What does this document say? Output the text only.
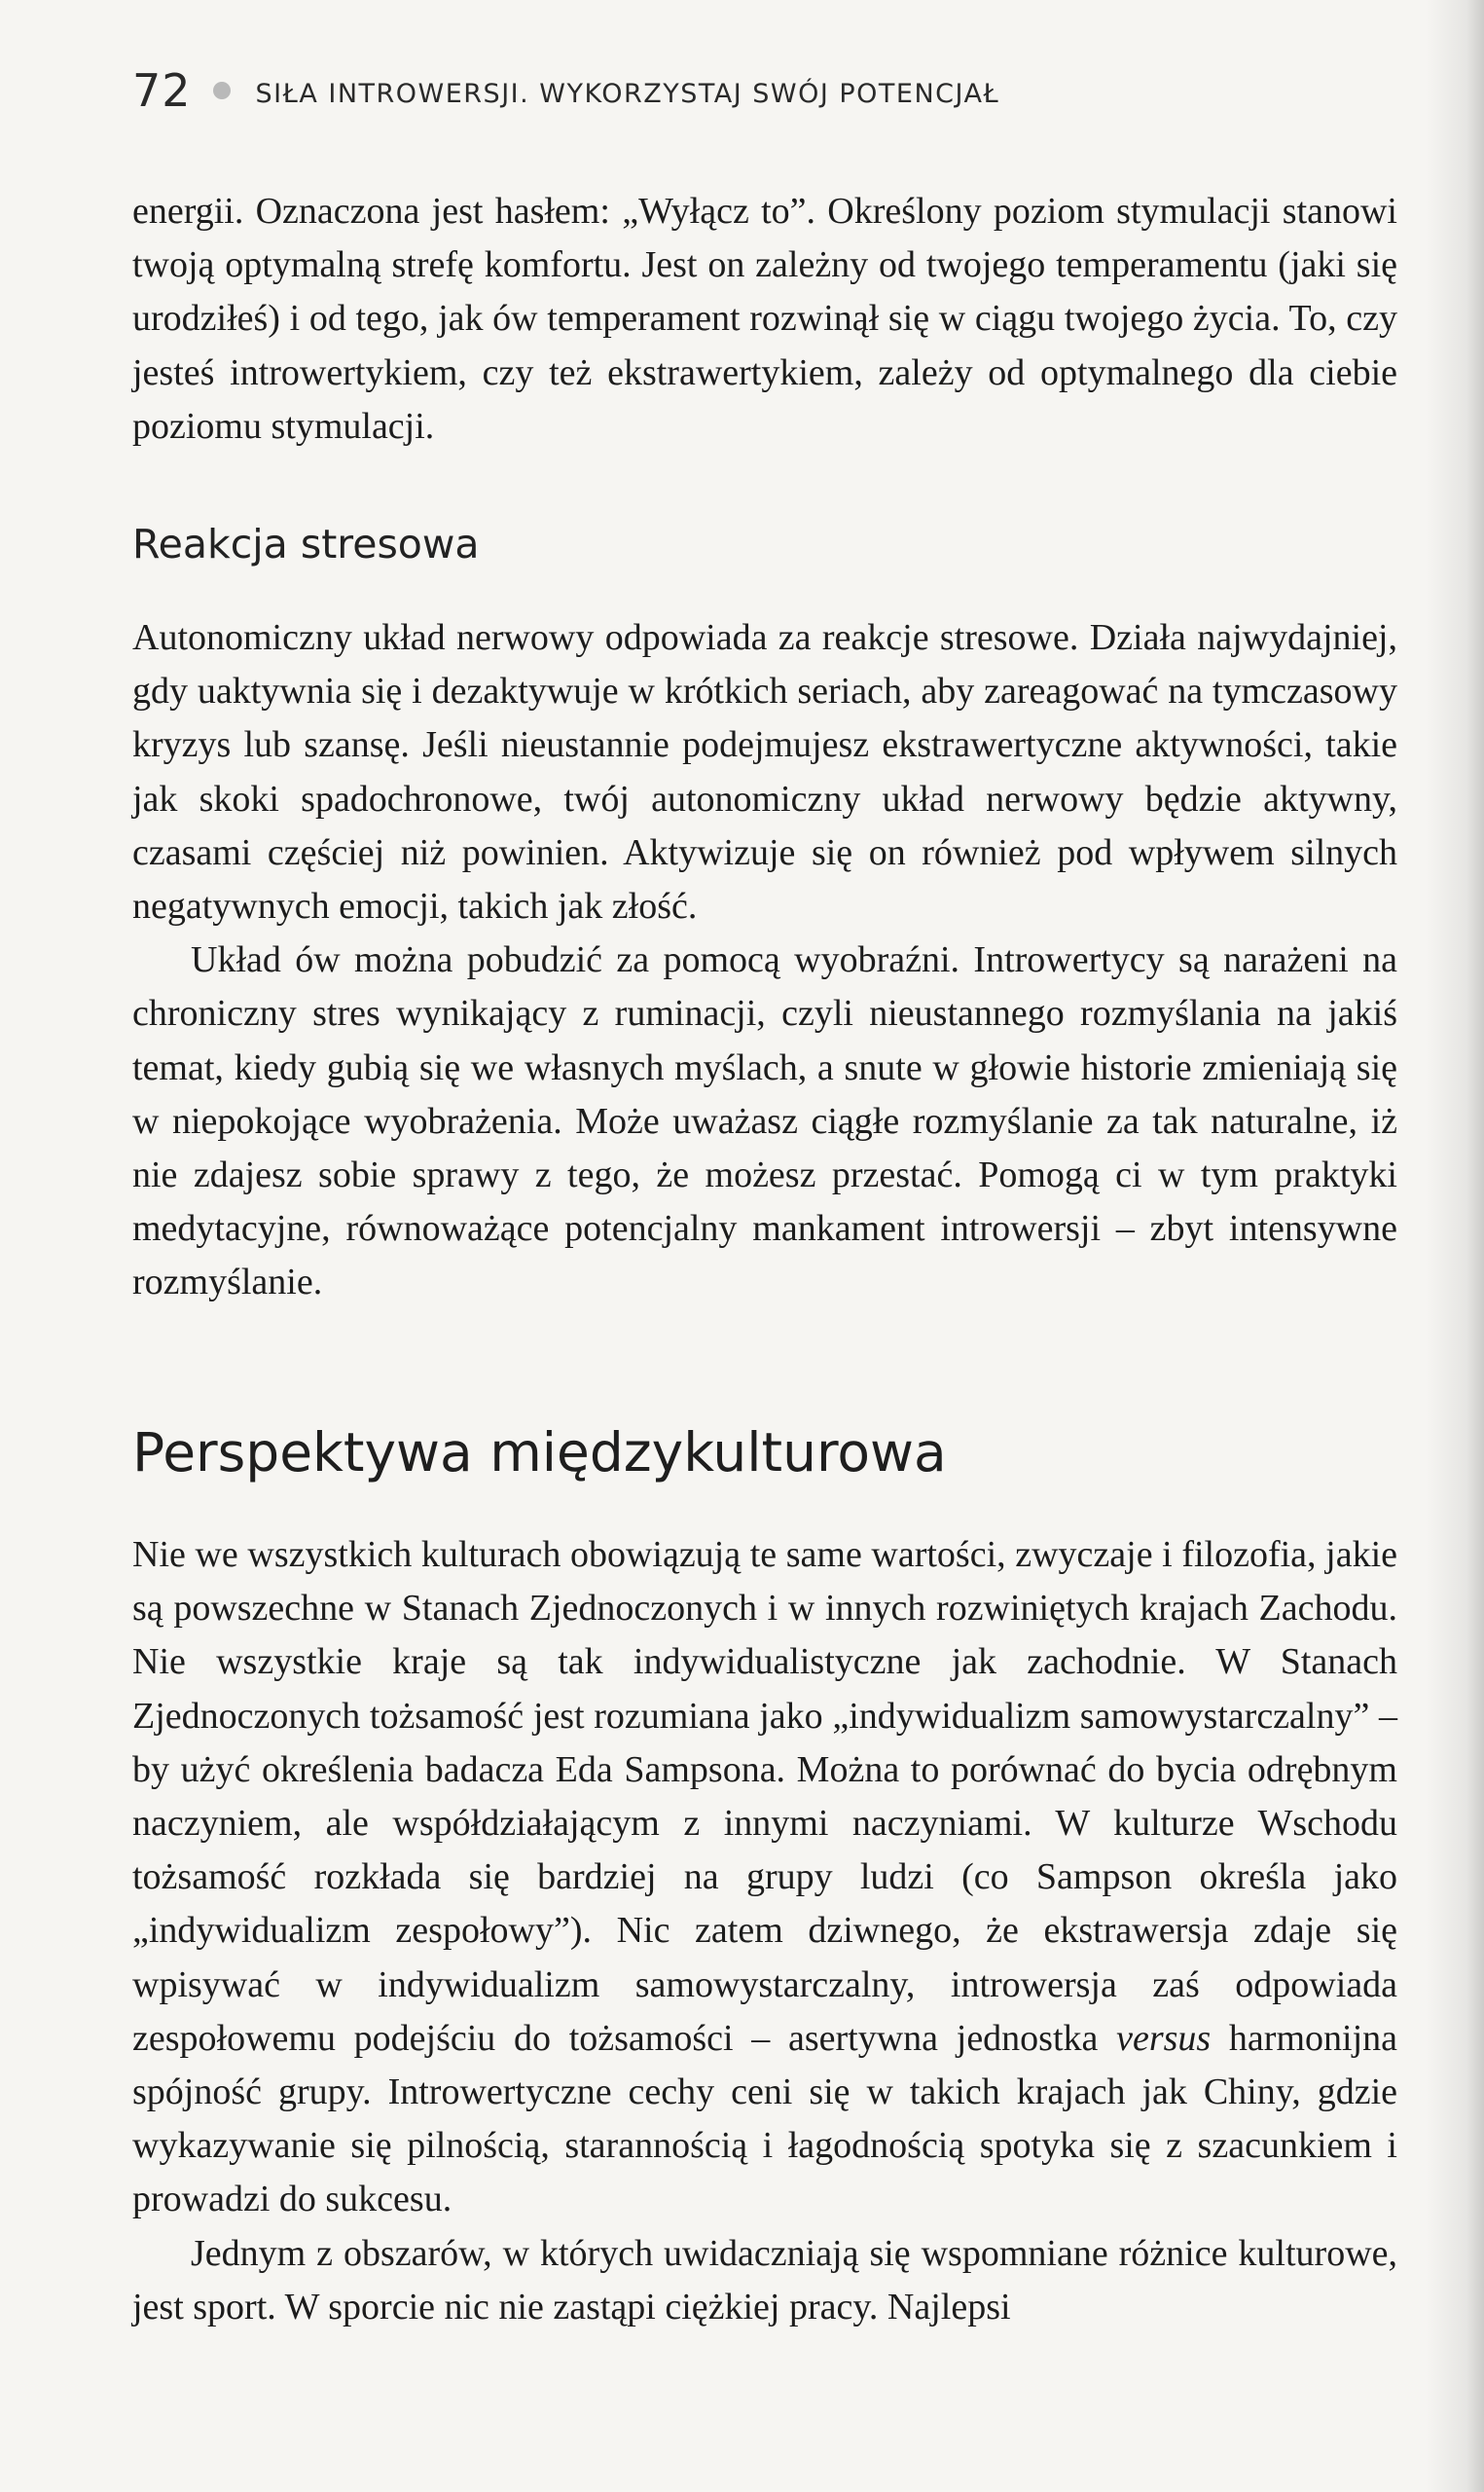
72 SIŁA INTROWERSJI. WYKORZYSTAJ SWÓJ POTENCJAŁ

energii. Oznaczona jest hasłem: „Wyłącz to”. Określony poziom stymulacji stanowi twoją optymalną strefę komfortu. Jest on zależny od twojego temperamentu (jaki się urodziłeś) i od tego, jak ów temperament rozwinął się w ciągu twojego życia. To, czy jesteś introwertykiem, czy też ekstrawertykiem, zależy od optymalnego dla ciebie poziomu stymulacji.

Reakcja stresowa

Autonomiczny układ nerwowy odpowiada za reakcje stresowe. Działa najwydajniej, gdy uaktywnia się i dezaktywuje w krótkich seriach, aby zareagować na tymczasowy kryzys lub szansę. Jeśli nieustannie podejmujesz ekstrawertyczne aktywności, takie jak skoki spadochronowe, twój autonomiczny układ nerwowy będzie aktywny, czasami częściej niż powinien. Aktywizuje się on również pod wpływem silnych negatywnych emocji, takich jak złość.

Układ ów można pobudzić za pomocą wyobraźni. Introwertycy są narażeni na chroniczny stres wynikający z ruminacji, czyli nieustannego rozmyślania na jakiś temat, kiedy gubią się we własnych myślach, a snute w głowie historie zmieniają się w niepokojące wyobrażenia. Może uważasz ciągłe rozmyślanie za tak naturalne, iż nie zdajesz sobie sprawy z tego, że możesz przestać. Pomogą ci w tym praktyki medytacyjne, równoważące potencjalny mankament introwersji – zbyt intensywne rozmyślanie.

Perspektywa międzykulturowa

Nie we wszystkich kulturach obowiązują te same wartości, zwyczaje i filozofia, jakie są powszechne w Stanach Zjednoczonych i w innych rozwiniętych krajach Zachodu. Nie wszystkie kraje są tak indywidualistyczne jak zachodnie. W Stanach Zjednoczonych tożsamość jest rozumiana jako „indywidualizm samowystarczalny” – by użyć określenia badacza Eda Sampsona. Można to porównać do bycia odrębnym naczyniem, ale współdziałającym z innymi naczyniami. W kulturze Wschodu tożsamość rozkłada się bardziej na grupy ludzi (co Sampson określa jako „indywidualizm zespołowy”). Nic zatem dziwnego, że ekstrawersja zdaje się wpisywać w indywidualizm samowystarczalny, introwersja zaś odpowiada zespołowemu podejściu do tożsamości – asertywna jednostka versus harmonijna spójność grupy. Introwertyczne cechy ceni się w takich krajach jak Chiny, gdzie wykazywanie się pilnością, starannością i łagodnością spotyka się z szacunkiem i prowadzi do sukcesu.

Jednym z obszarów, w których uwidaczniają się wspomniane różnice kulturowe, jest sport. W sporcie nic nie zastąpi ciężkiej pracy. Najlepsi
